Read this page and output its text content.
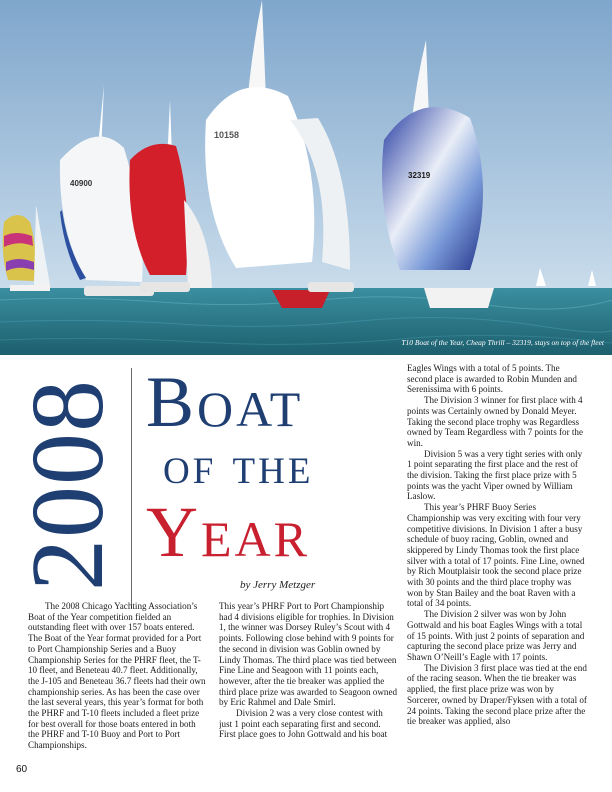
40900
10158
32319
T10 Boat of the Year, Cheap Thrill – 32319, stays on top of the fleet
2008 Boat
of the
Year
by Jerry Metzger

The 2008 Chicago Yachting Association’s Boat of the Year competition fielded an outstanding fleet with over 157 boats entered. The Boat of the Year format provided for a Port to Port Championship Series and a Buoy Championship Series for the PHRF fleet, the T-10 fleet, and Beneteau 40.7 fleet. Additionally, the J-105 and Beneteau 36.7 fleets had their own championship series. As has been the case over the last several years, this year’s format for both the PHRF and T-10 fleets included a fleet prize for best overall for those boats entered in both the PHRF and T-10 Buoy and Port to Port Championships.

This year’s PHRF Port to Port Championship had 4 divisions eligible for trophies. In Division 1, the winner was Dorsey Ruley’s Scout with 4 points. Following close behind with 9 points for the second in division was Goblin owned by Lindy Thomas. The third place was tied between Fine Line and Seagoon with 11 points each, however, after the tie breaker was applied the third place prize was awarded to Seagoon owned by Eric Rahmel and Dale Smirl.

Division 2 was a very close contest with just 1 point each separating first and second. First place goes to John Gottwald and his boat

Eagles Wings with a total of 5 points. The second place is awarded to Robin Munden and Serenissima with 6 points.

The Division 3 winner for first place with 4 points was Certainly owned by Donald Meyer. Taking the second place trophy was Regardless owned by Team Regardless with 7 points for the win.

Division 5 was a very tight series with only 1 point separating the first place and the rest of the division. Taking the first place prize with 5 points was the yacht Viper owned by William Laslow.

This year’s PHRF Buoy Series Championship was very exciting with four very competitive divisions. In Division 1 after a busy schedule of buoy racing, Goblin, owned and skippered by Lindy Thomas took the first place silver with a total of 17 points. Fine Line, owned by Rich Moutplaisir took the second place prize with 30 points and the third place trophy was won by Stan Bailey and the boat Raven with a total of 34 points.

The Division 2 silver was won by John Gottwald and his boat Eagles Wings with a total of 15 points. With just 2 points of separation and capturing the second place prize was Jerry and Shawn O’Neill’s Eagle with 17 points.

The Division 3 first place was tied at the end of the racing season. When the tie breaker was applied, the first place prize was won by Sorcerer, owned by Draper/Fyksen with a total of 24 points. Taking the second place prize after the tie breaker was applied, also

60
